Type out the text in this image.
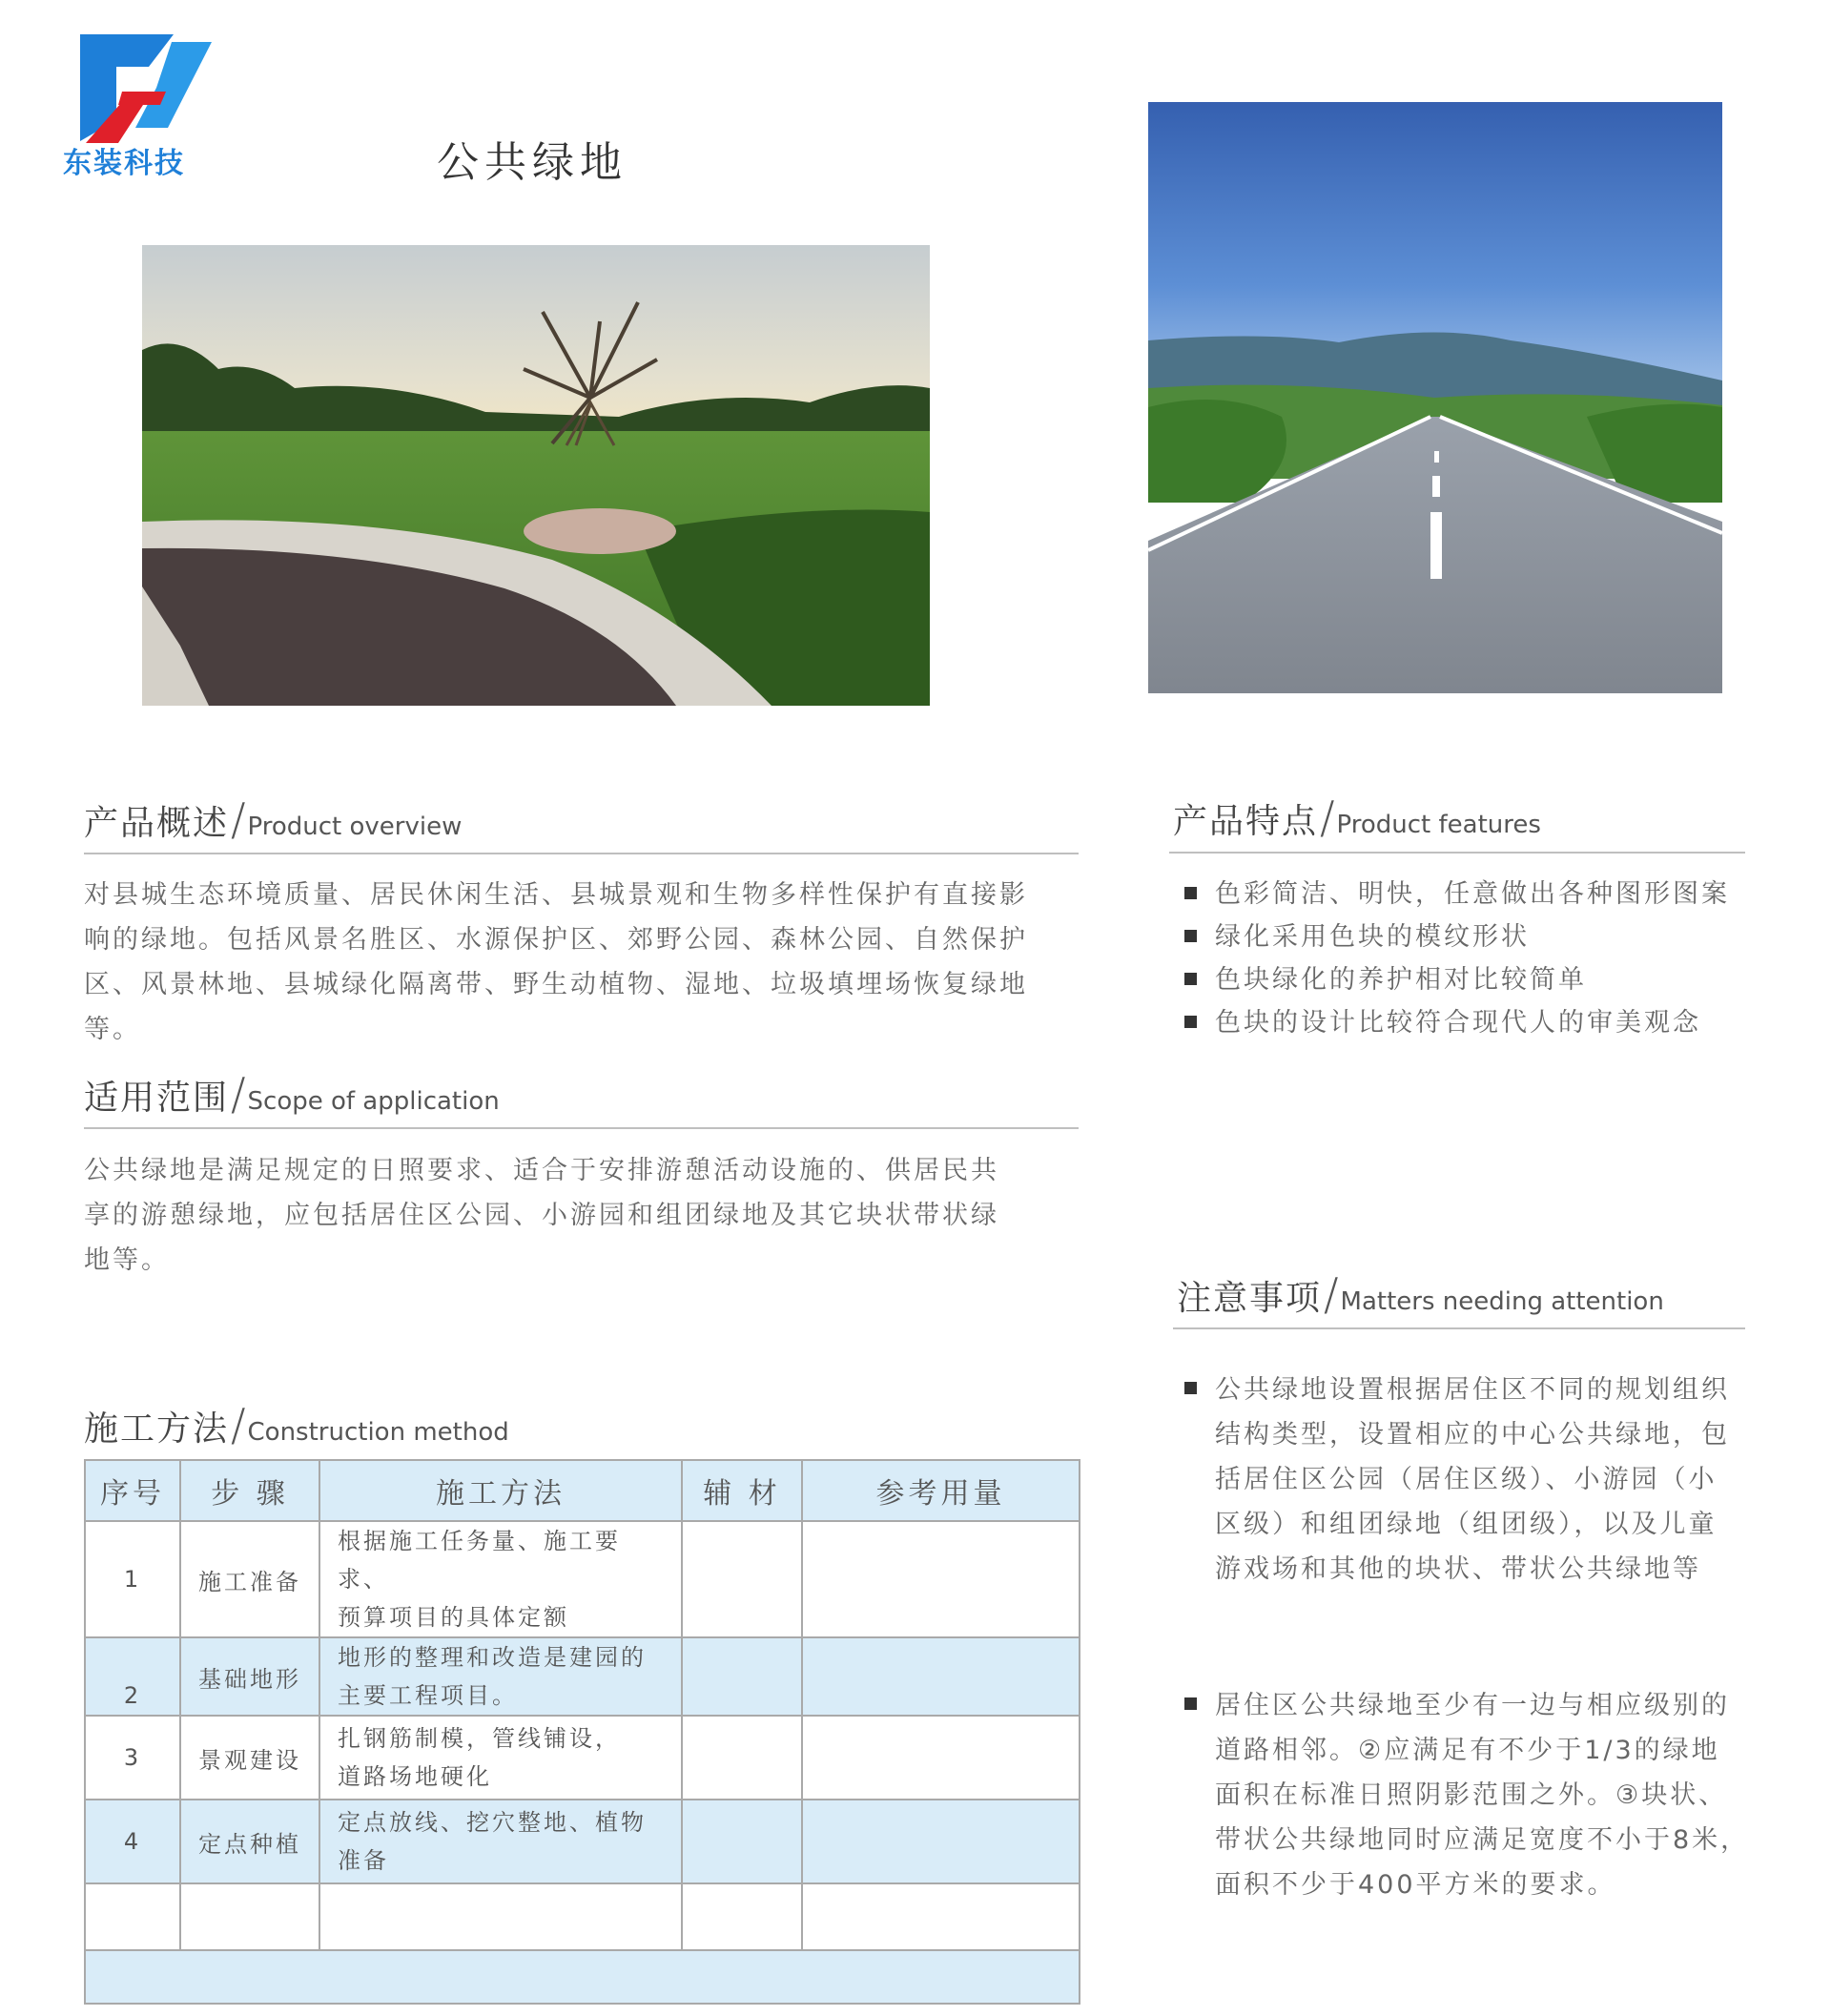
东装科技	公共绿地
产品概述/Product overview

对县城生态环境质量、居民休闲生活、县城景观和生物多样性保护有直接影

响的绿地。包括风景名胜区、水源保护区、郊野公园、森林公园、自然保护

区、风景林地、县城绿化隔离带、野生动植物、湿地、垃圾填埋场恢复绿地

等。

适用范围/Scope of application

公共绿地是满足规定的日照要求、适合于安排游憩活动设施的、供居民共

享的游憩绿地，应包括居住区公园、小游园和组团绿地及其它块状带状绿

地等。

施工方法/Construction method
序号	步 骤	施工方法	辅 材	参考用量
1	施工准备	根据施工任务量、施工要求、
预算项目的具体定额		

2	基础地形	地形的整理和改造是建园的
主要工程项目。		

3	景观建设	扎钢筋制模，管线铺设，
道路场地硬化		

4	定点种植	定点放线、挖穴整地、植物
准备		

产品特点/Product features
色彩简洁、明快，任意做出各种图形图案
绿化采用色块的模纹形状
色块绿化的养护相对比较简单
色块的设计比较符合现代人的审美观念
注意事项/Matters needing attention
公共绿地设置根据居住区不同的规划组织
结构类型，设置相应的中心公共绿地，包
括居住区公园（居住区级）、小游园（小
区级）和组团绿地（组团级），以及儿童
游戏场和其他的块状、带状公共绿地等
居住区公共绿地至少有一边与相应级别的
道路相邻。②应满足有不少于1/3的绿地
面积在标准日照阴影范围之外。③块状、
带状公共绿地同时应满足宽度不小于8米，
面积不少于400平方米的要求。
